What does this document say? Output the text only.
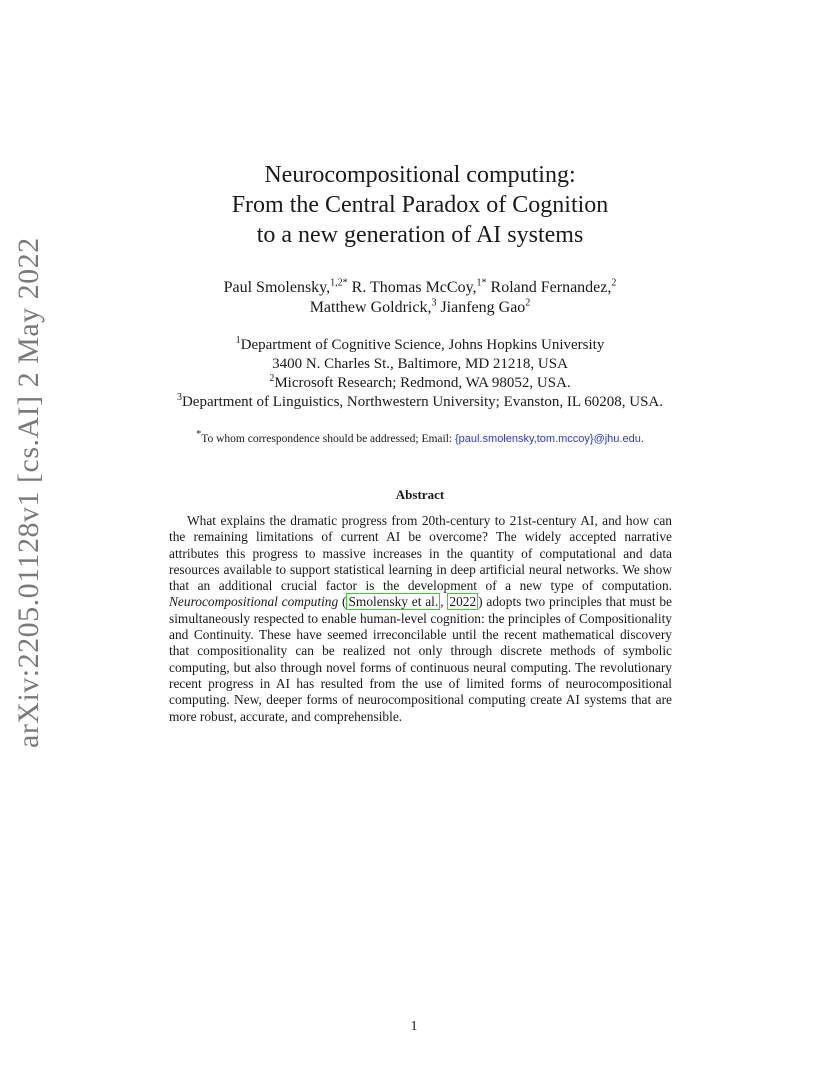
arXiv:2205.01128v1 [cs.AI] 2 May 2022
Neurocompositional computing:
From the Central Paradox of Cognition
to a new generation of AI systems
Paul Smolensky,$^{1,2*}$ R. Thomas McCoy,$^{1*}$ Roland Fernandez,$^2$
Matthew Goldrick,$^3$ Jianfeng Gao$^2$
$^1$Department of Cognitive Science, Johns Hopkins University
3400 N. Charles St., Baltimore, MD 21218, USA
$^2$Microsoft Research; Redmond, WA 98052, USA.
$^3$Department of Linguistics, Northwestern University; Evanston, IL 60208, USA.
*To whom correspondence should be addressed; Email: {paul.smolensky,tom.mccoy}@jhu.edu.
Abstract
What explains the dramatic progress from 20th-century to 21st-century AI, and how can the remaining limitations of current AI be overcome? The widely accepted narrative attributes this progress to massive increases in the quantity of computational and data resources available to support statistical learning in deep artificial neural networks. We show that an additional crucial factor is the development of a new type of computation. Neurocompositional computing ( Smolensky et al. , 2022 ) adopts two principles that must be simultaneously respected to enable human-level cognition: the principles of Compositionality and Continuity. These have seemed irreconcilable until the recent mathematical discovery that compositionality can be realized not only through discrete methods of symbolic computing, but also through novel forms of continuous neural computing. The revolutionary recent progress in AI has resulted from the use of limited forms of neurocompositional computing. New, deeper forms of neurocompositional computing create AI systems that are more robust, accurate, and comprehensible.
1
